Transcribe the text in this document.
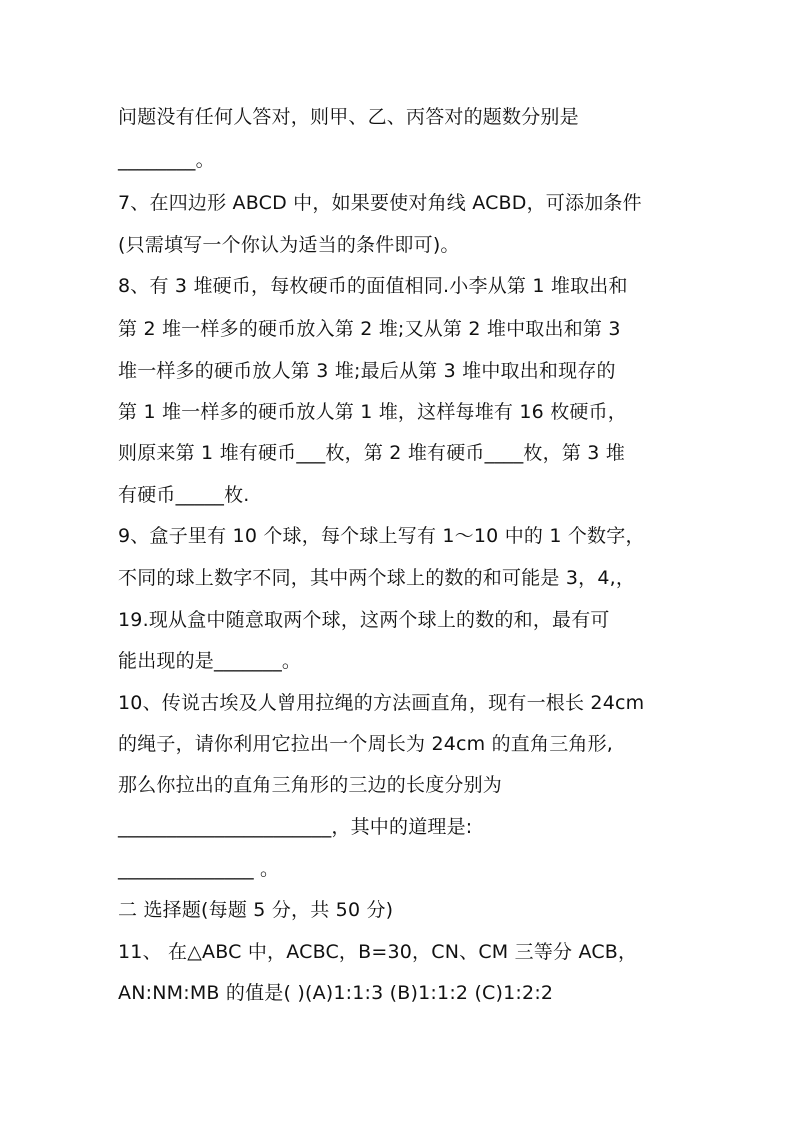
问题没有任何人答对，则甲、乙、丙答对的题数分别是
________。
7、在四边形 ABCD 中，如果要使对角线 ACBD，可添加条件
(只需填写一个你认为适当的条件即可)。
8、有 3 堆硬币，每枚硬币的面值相同.小李从第 1 堆取出和
第 2 堆一样多的硬币放入第 2 堆;又从第 2 堆中取出和第 3
堆一样多的硬币放人第 3 堆;最后从第 3 堆中取出和现存的
第 1 堆一样多的硬币放人第 1 堆，这样每堆有 16 枚硬币，
则原来第 1 堆有硬币___枚，第 2 堆有硬币____枚，第 3 堆
有硬币_____枚.
9、盒子里有 10 个球，每个球上写有 1～10 中的 1 个数字，
不同的球上数字不同，其中两个球上的数的和可能是 3，4,，
19.现从盒中随意取两个球，这两个球上的数的和，最有可
能出现的是_______。
10、传说古埃及人曾用拉绳的方法画直角，现有一根长 24cm
的绳子，请你利用它拉出一个周长为 24cm 的直角三角形,
那么你拉出的直角三角形的三边的长度分别为
______________________，其中的道理是:
______________ 。
二 选择题(每题 5 分，共 50 分)
11、 在△ABC 中，ACBC，B=30，CN、CM 三等分 ACB，
AN:NM:MB 的值是( )(A)1:1:3 (B)1:1:2 (C)1:2:2
